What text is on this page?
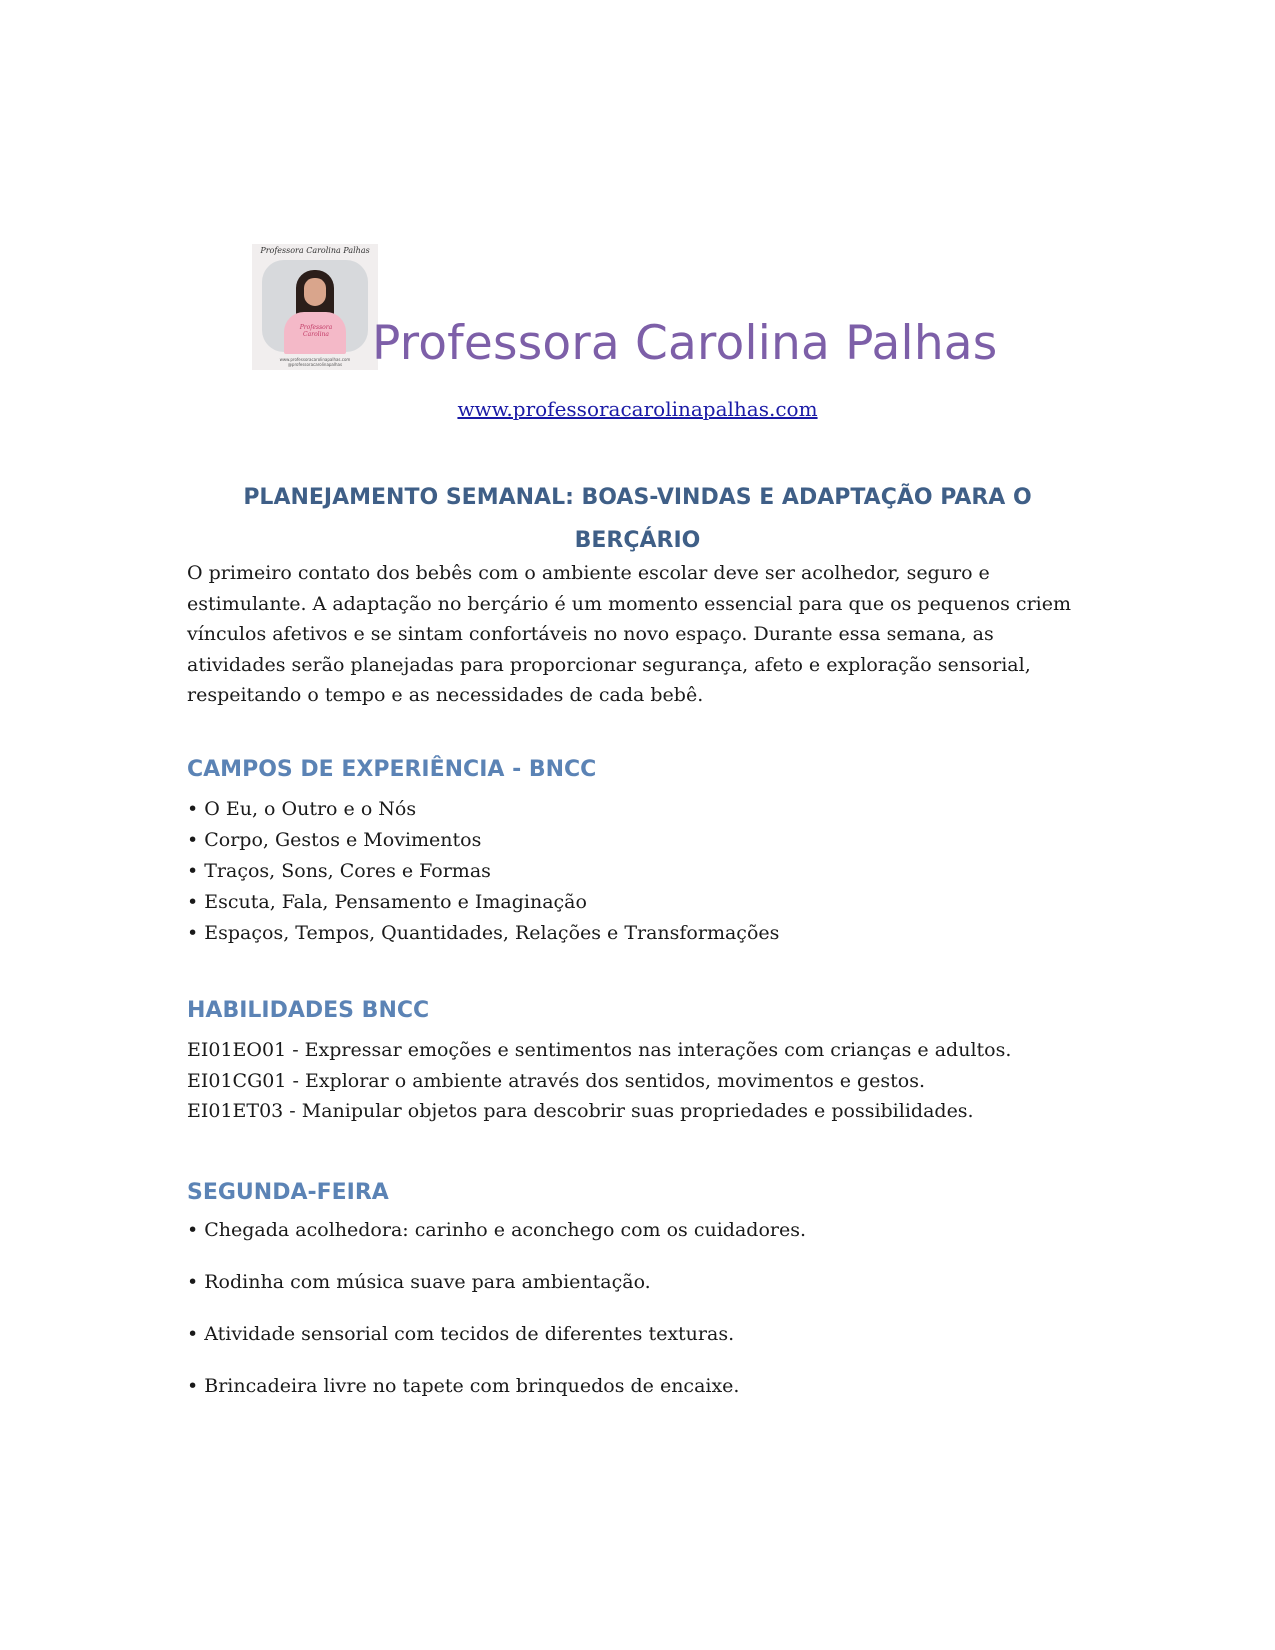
Professora Carolina Palhas
Professora Carolina
www.professoracarolinapalhas.com @professoracarolinapalhas Professora Carolina Palhas
www.professoracarolinapalhas.com
PLANEJAMENTO SEMANAL: BOAS-VINDAS E ADAPTAÇÃO PARA O
BERÇÁRIO

O primeiro contato dos bebês com o ambiente escolar deve ser acolhedor, seguro e estimulante. A adaptação no berçário é um momento essencial para que os pequenos criem vínculos afetivos e se sintam confortáveis no novo espaço. Durante essa semana, as atividades serão planejadas para proporcionar segurança, afeto e exploração sensorial, respeitando o tempo e as necessidades de cada bebê.

CAMPOS DE EXPERIÊNCIA - BNCC
• O Eu, o Outro e o Nós
• Corpo, Gestos e Movimentos
• Traços, Sons, Cores e Formas
• Escuta, Fala, Pensamento e Imaginação
• Espaços, Tempos, Quantidades, Relações e Transformações
HABILIDADES BNCC
EI01EO01 - Expressar emoções e sentimentos nas interações com crianças e adultos.
EI01CG01 - Explorar o ambiente através dos sentidos, movimentos e gestos.
EI01ET03 - Manipular objetos para descobrir suas propriedades e possibilidades.
SEGUNDA-FEIRA
• Chegada acolhedora: carinho e aconchego com os cuidadores.
• Rodinha com música suave para ambientação.
• Atividade sensorial com tecidos de diferentes texturas.
• Brincadeira livre no tapete com brinquedos de encaixe.
